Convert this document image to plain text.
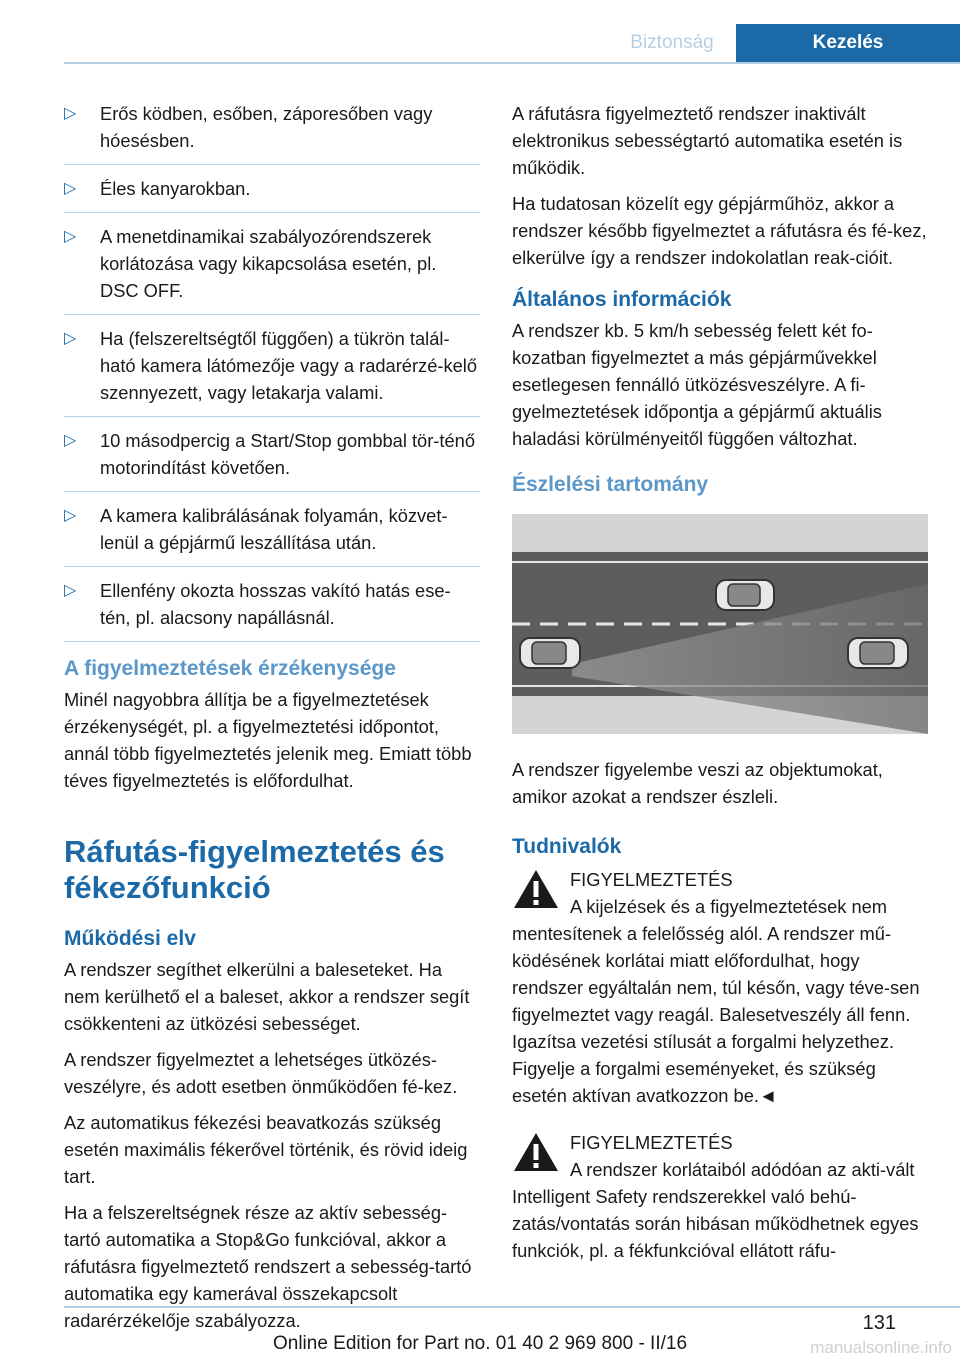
Biztonság	Kezelés
▷ Erős ködben, esőben, záporesőben vagy hóesésben.
▷ Éles kanyarokban.
▷ A menetdinamikai szabályozórendszerek korlátozása vagy kikapcsolása esetén, pl. DSC OFF.
▷ Ha (felszereltségtől függően) a tükrön talál-ható kamera látómezője vagy a radarérzé-kelő szennyezett, vagy letakarja valami.
▷ 10 másodpercig a Start/Stop gombbal tör-ténő motorindítást követően.
▷ A kamera kalibrálásának folyamán, közvet-lenül a gépjármű leszállítása után.
▷ Ellenfény okozta hosszas vakító hatás ese-tén, pl. alacsony napállásnál.
A figyelmeztetések érzékenysége

Minél nagyobbra állítja be a figyelmeztetések érzékenységét, pl. a figyelmeztetési időpontot, annál több figyelmeztetés jelenik meg. Emiatt több téves figyelmeztetés is előfordulhat.

Ráfutás-figyelmeztetés és fékezőfunkció
Működési elv

A rendszer segíthet elkerülni a baleseteket. Ha nem kerülhető el a baleset, akkor a rendszer segít csökkenteni az ütközési sebességet.

A rendszer figyelmeztet a lehetséges ütközés-veszélyre, és adott esetben önműködően fé-kez.

Az automatikus fékezési beavatkozás szükség esetén maximális fékerővel történik, és rövid ideig tart.

Ha a felszereltségnek része az aktív sebesség-tartó automatika a Stop&Go funkcióval, akkor a ráfutásra figyelmeztető rendszert a sebesség-tartó automatika egy kamerával összekapcsolt radarérzékelője szabályozza.

A ráfutásra figyelmeztető rendszer inaktivált elektronikus sebességtartó automatika esetén is működik.

Ha tudatosan közelít egy gépjárműhöz, akkor a rendszer később figyelmeztet a ráfutásra és fé-kez, elkerülve így a rendszer indokolatlan reak-cióit.

Általános információk

A rendszer kb. 5 km/h sebesség felett két fo-kozatban figyelmeztet a más gépjárművekkel esetlegesen fennálló ütközésveszélyre. A fi-gyelmeztetések időpontja a gépjármű aktuális haladási körülményeitől függően változhat.

Észlelési tartomány

A rendszer figyelembe veszi az objektumokat, amikor azokat a rendszer észleli.

Tudnivalók
FIGYELMEZTETÉS

A kijelzések és a figyelmeztetések nem mentesítenek a felelősség alól. A rendszer mű-ködésének korlátai miatt előfordulhat, hogy rendszer egyáltalán nem, túl későn, vagy téve-sen figyelmeztet vagy reagál. Balesetveszély áll fenn. Igazítsa vezetési stílusát a forgalmi helyzethez. Figyelje a forgalmi eseményeket, és szükség esetén aktívan avatkozzon be.◄

FIGYELMEZTETÉS

A rendszer korlátaiból adódóan az akti-vált Intelligent Safety rendszerekkel való behú-zatás/vontatás során hibásan működhetnek egyes funkciók, pl. a fékfunkcióval ellátott ráfu-

131
Online Edition for Part no. 01 40 2 969 800 - II/16	manualsonline.info
